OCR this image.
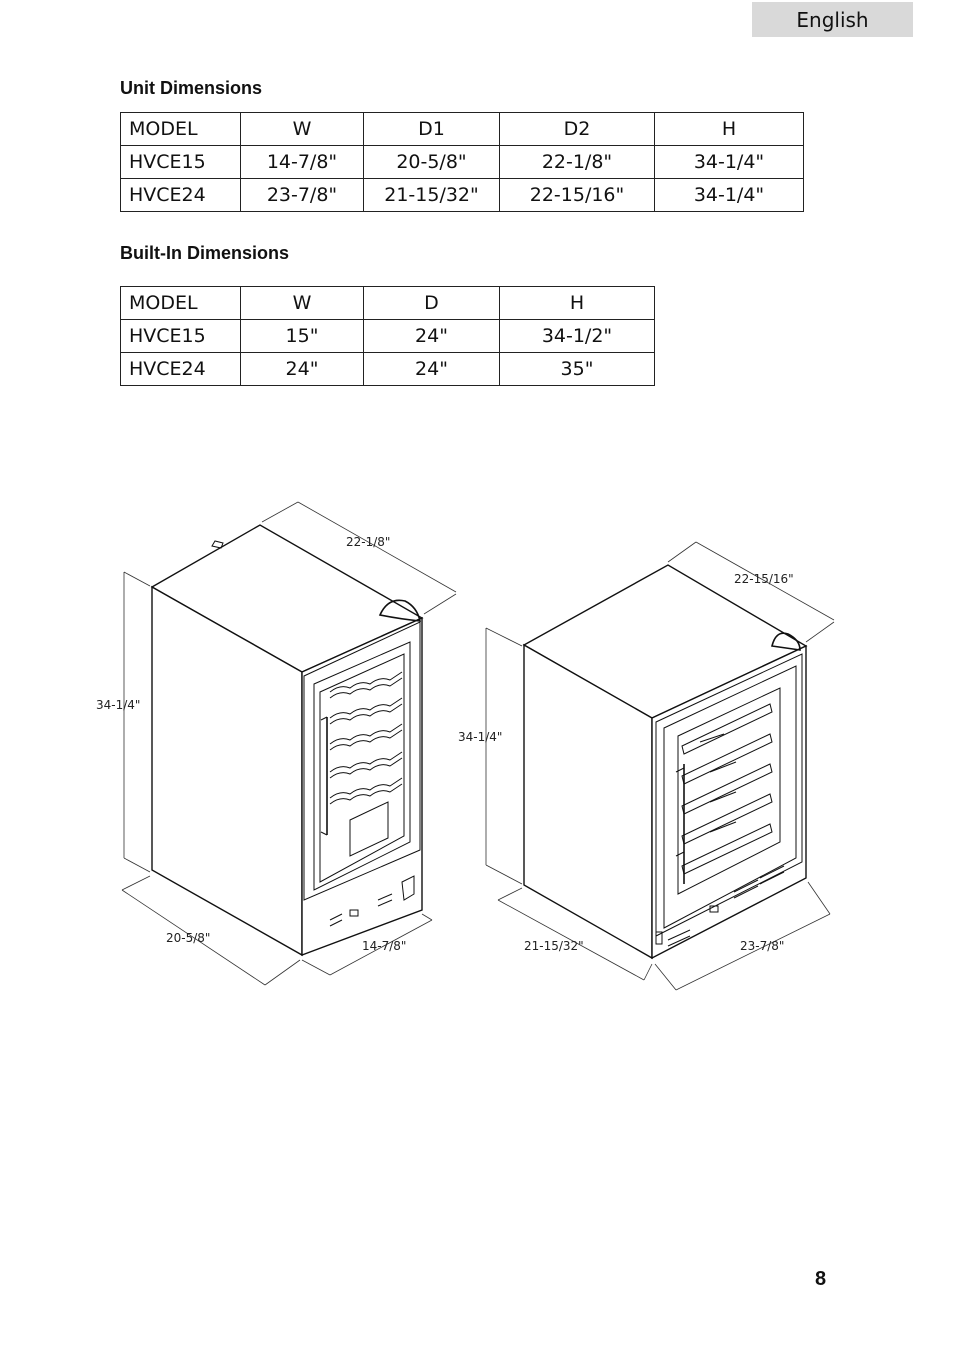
English
Unit Dimensions
MODEL	W	D1	D2	H
HVCE15	14-7/8"	20-5/8"	22-1/8"	34-1/4"
HVCE24	23-7/8"	21-15/32"	22-15/16"	34-1/4"
Built-In Dimensions
MODEL	W	D	H
HVCE15	15"	24"	34-1/2"
HVCE24	24"	24"	35"
22-1/8"
34-1/4"
20-5/8"
14-7/8"
22-15/16"
34-1/4"
21-15/32"	23-7/8"
8
